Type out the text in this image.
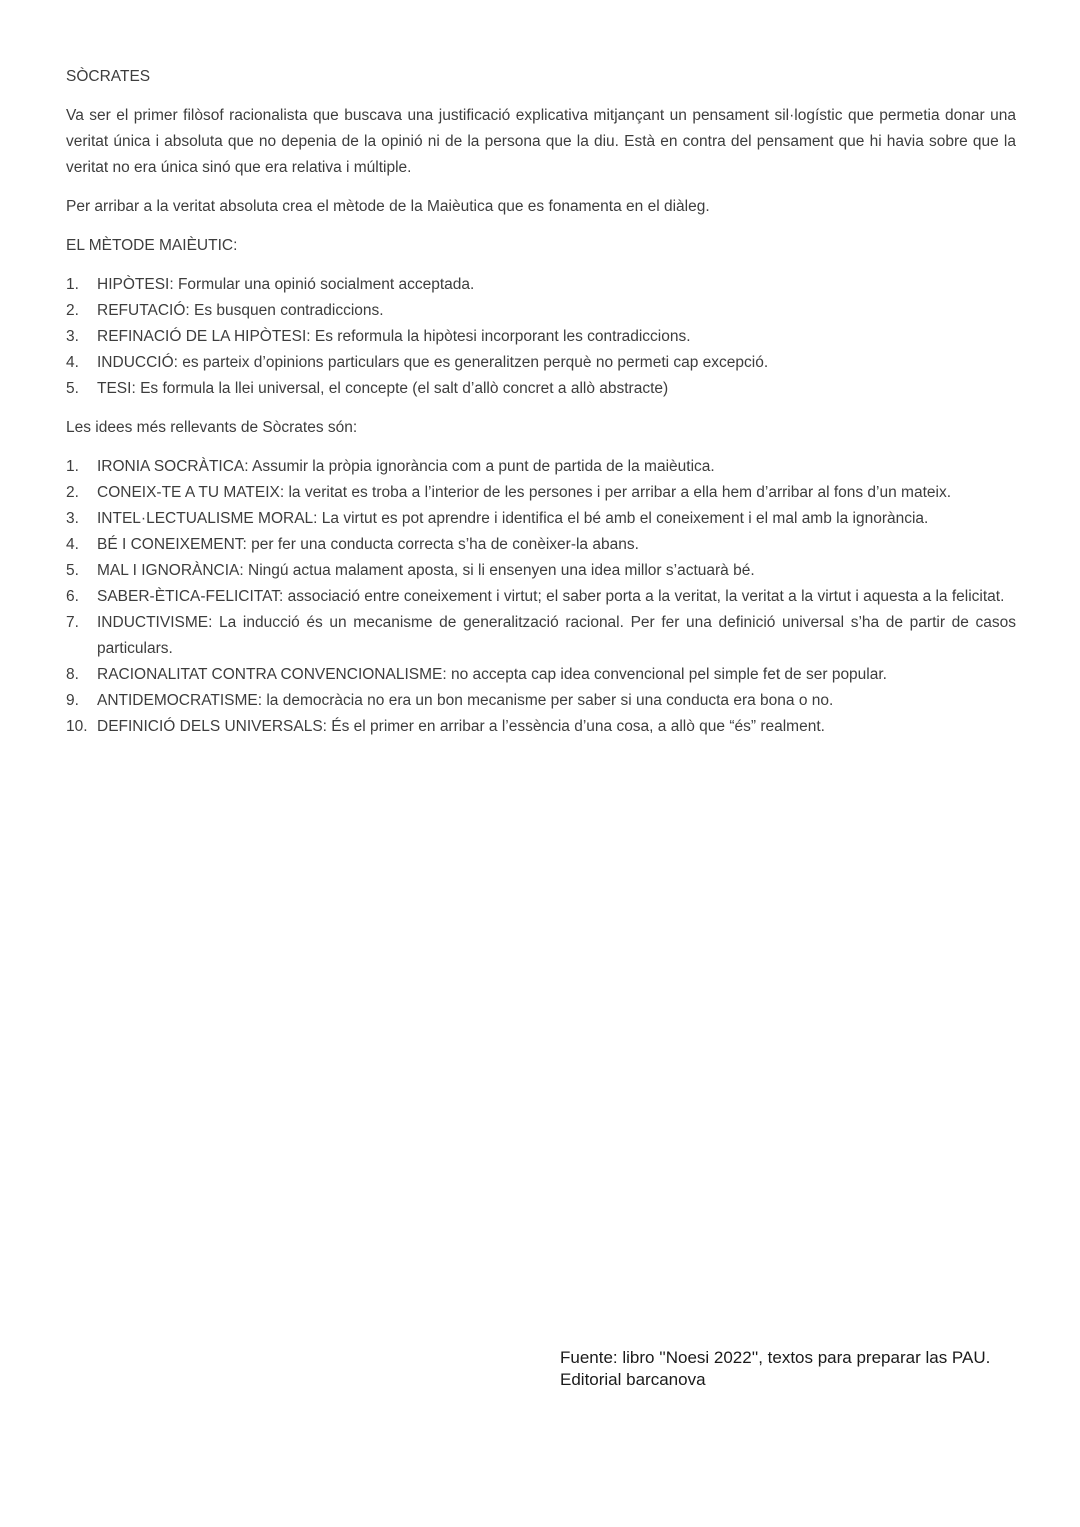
SÒCRATES

Va ser el primer filòsof racionalista que buscava una justificació explicativa mitjançant un pensament sil·logístic que permetia donar una veritat única i absoluta que no depenia de la opinió ni de la persona que la diu. Està en contra del pensament que hi havia sobre que la veritat no era única sinó que era relativa i múltiple.

Per arribar a la veritat absoluta crea el mètode de la Maièutica que es fonamenta en el diàleg.

EL MÈTODE MAIÈUTIC:

1.	HIPÒTESI: Formular una opinió socialment acceptada.
2.	REFUTACIÓ: Es busquen contradiccions.
3.	REFINACIÓ DE LA HIPÒTESI: Es reformula la hipòtesi incorporant les contradiccions.
4.	INDUCCIÓ: es parteix d’opinions particulars que es generalitzen perquè no permeti cap excepció.
5.	TESI: Es formula la llei universal, el concepte (el salt d’allò concret a allò abstracte)

Les idees més rellevants de Sòcrates són:

1.	IRONIA SOCRÀTICA: Assumir la pròpia ignorància com a punt de partida de la maièutica.
2.	CONEIX-TE A TU MATEIX: la veritat es troba a l’interior de les persones i per arribar a ella hem d’arribar al fons d’un mateix.
3.	INTEL·LECTUALISME MORAL: La virtut es pot aprendre i identifica el bé amb el coneixement i el mal amb la ignorància.
4.	BÉ I CONEIXEMENT: per fer una conducta correcta s’ha de conèixer-la abans.
5.	MAL I IGNORÀNCIA: Ningú actua malament aposta, si li ensenyen una idea millor s’actuarà bé.
6.	SABER-ÈTICA-FELICITAT: associació entre coneixement i virtut; el saber porta a la veritat, la veritat a la virtut i aquesta a la felicitat.
7.	INDUCTIVISME: La inducció és un mecanisme de generalització racional. Per fer una definició universal s’ha de partir de casos particulars.
8.	RACIONALITAT CONTRA CONVENCIONALISME: no accepta cap idea convencional pel simple fet de ser popular.
9.	ANTIDEMOCRATISME: la democràcia no era un bon mecanisme per saber si una conducta era bona o no.
10. DEFINICIÓ DELS UNIVERSALS: És el primer en arribar a l’essència d’una cosa, a allò que “és” realment.
Fuente: libro ''Noesi 2022'', textos para preparar las PAU.
Editorial barcanova
